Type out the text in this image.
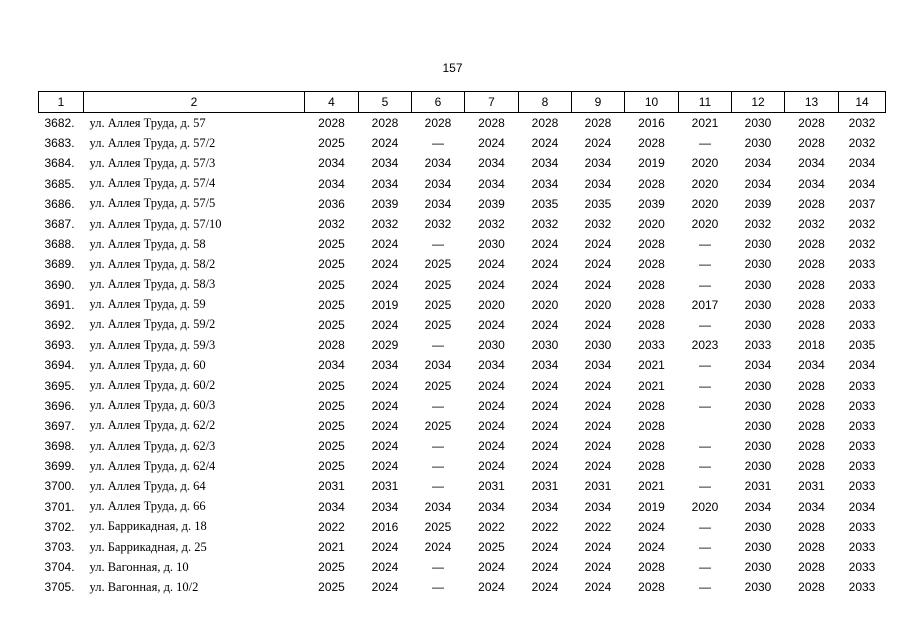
157
1	2	4	5	6	7	8	9	10	11	12	13	14
3682.	ул. Аллея Труда, д. 57	2028	2028	2028	2028	2028	2028	2016	2021	2030	2028	2032
3683.	ул. Аллея Труда, д. 57/2	2025	2024	—	2024	2024	2024	2028	—	2030	2028	2032
3684.	ул. Аллея Труда, д. 57/3	2034	2034	2034	2034	2034	2034	2019	2020	2034	2034	2034
3685.	ул. Аллея Труда, д. 57/4	2034	2034	2034	2034	2034	2034	2028	2020	2034	2034	2034
3686.	ул. Аллея Труда, д. 57/5	2036	2039	2034	2039	2035	2035	2039	2020	2039	2028	2037
3687.	ул. Аллея Труда, д. 57/10	2032	2032	2032	2032	2032	2032	2020	2020	2032	2032	2032
3688.	ул. Аллея Труда, д. 58	2025	2024	—	2030	2024	2024	2028	—	2030	2028	2032
3689.	ул. Аллея Труда, д. 58/2	2025	2024	2025	2024	2024	2024	2028	—	2030	2028	2033
3690.	ул. Аллея Труда, д. 58/3	2025	2024	2025	2024	2024	2024	2028	—	2030	2028	2033
3691.	ул. Аллея Труда, д. 59	2025	2019	2025	2020	2020	2020	2028	2017	2030	2028	2033
3692.	ул. Аллея Труда, д. 59/2	2025	2024	2025	2024	2024	2024	2028	—	2030	2028	2033
3693.	ул. Аллея Труда, д. 59/3	2028	2029	—	2030	2030	2030	2033	2023	2033	2018	2035
3694.	ул. Аллея Труда, д. 60	2034	2034	2034	2034	2034	2034	2021	—	2034	2034	2034
3695.	ул. Аллея Труда, д. 60/2	2025	2024	2025	2024	2024	2024	2021	—	2030	2028	2033
3696.	ул. Аллея Труда, д. 60/3	2025	2024	—	2024	2024	2024	2028	—	2030	2028	2033
3697.	ул. Аллея Труда, д. 62/2	2025	2024	2025	2024	2024	2024	2028		2030	2028	2033
3698.	ул. Аллея Труда, д. 62/3	2025	2024	—	2024	2024	2024	2028	—	2030	2028	2033
3699.	ул. Аллея Труда, д. 62/4	2025	2024	—	2024	2024	2024	2028	—	2030	2028	2033
3700.	ул. Аллея Труда, д. 64	2031	2031	—	2031	2031	2031	2021	—	2031	2031	2033
3701.	ул. Аллея Труда, д. 66	2034	2034	2034	2034	2034	2034	2019	2020	2034	2034	2034
3702.	ул. Баррикадная, д. 18	2022	2016	2025	2022	2022	2022	2024	—	2030	2028	2033
3703.	ул. Баррикадная, д. 25	2021	2024	2024	2025	2024	2024	2024	—	2030	2028	2033
3704.	ул. Вагонная, д. 10	2025	2024	—	2024	2024	2024	2028	—	2030	2028	2033
3705.	ул. Вагонная, д. 10/2	2025	2024	—	2024	2024	2024	2028	—	2030	2028	2033
